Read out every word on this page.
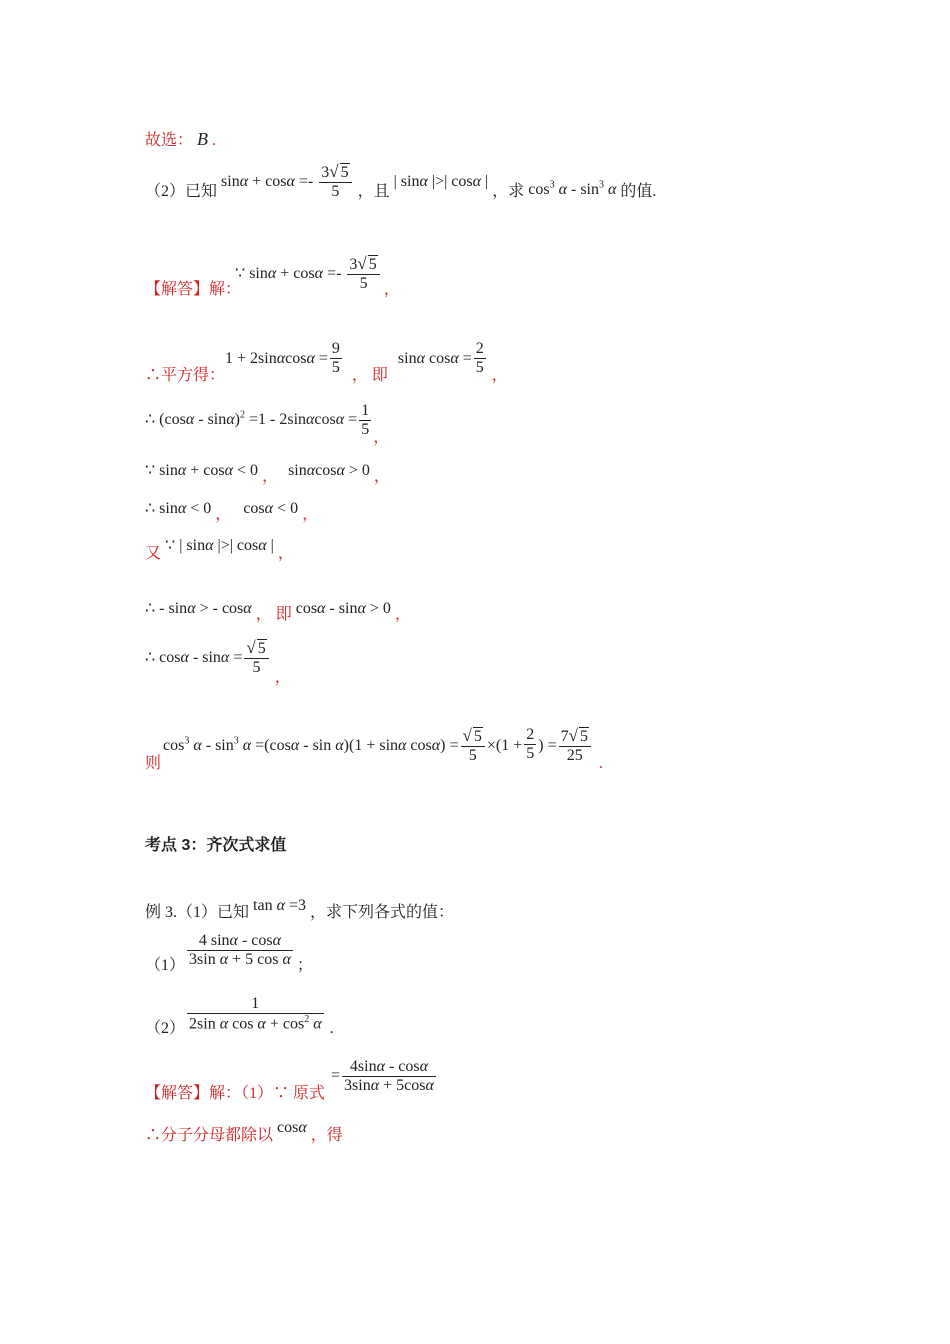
故选： B .
（2）已知 $\sin\alpha + \cos\alpha =- \frac{3√ 5}{5}$ ，且 | sinα |>| cosα | ，求 $\cos^3 \alpha - \sin^3 \alpha$ 的值.
【解答】解： ∵ $\sin\alpha + \cos\alpha =- \frac{3√ 5}{5}$ ，
∴平方得： $1 + 2\sin\alpha\cos\alpha = \frac{9}{5}$ ， 即 sinα $\cos\alpha = \frac{2}{5}$ ，
∴ $(\cos\alpha - \sin\alpha)^2 =1 - 2\sin\alpha\cos\alpha = \frac{1}{5}$ ，
∵ sinα + cosα < 0 ， sinαcosα > 0 ，
∴ sinα < 0 ， cosα < 0 ，
又 ∵ | sinα |>| cosα | ，
∴ - sinα > - cosα ， 即 cosα - sinα > 0 ，
∴ $\cos\alpha - \sin\alpha = \frac{√ 5}{5}$ ，
则 $\cos^3 \alpha - \sin^3 \alpha =(\cos\alpha - \sin \alpha)(1 + \sin\alpha$ $\cos\alpha) = \frac{√ 5}{5} \times(1 + \frac{2}{5}$ ) = $\frac{7√ 5}{25}$ .
考点 3：齐次式求值
例 3.（1）已知 tan α =3 ，求下列各式的值：
$(1) \frac{4 \sin\alpha - \cos\alpha}{\text{3sin α + 5 cos α}}$ ；
$(2) \frac{1}{2\sin \alpha \cos \alpha + \cos^2 \alpha}$ .
【解答】解：（1）∵ 原式 = $\frac{4\sin\alpha - \cos\alpha}{3\sin\alpha + 5\cos\alpha}$
∴分子分母都除以 cosα ，得
